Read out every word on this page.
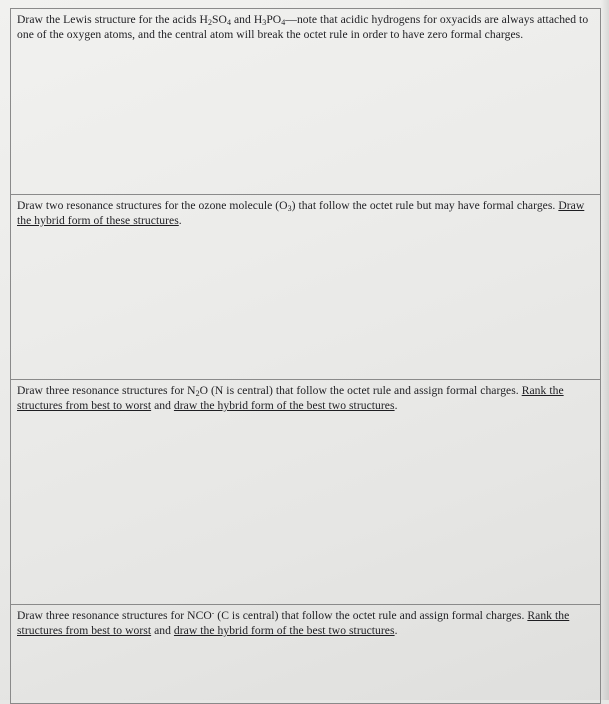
Draw the Lewis structure for the acids $H_2SO_4$ and $H_3PO_4—note$ that acidic hydrogens for oxyacids are always attached to one of the oxygen atoms, and the central atom will break the octet rule in order to have zero formal charges.

Draw two resonance structures for the ozone molecule $(O_3)$ that follow the octet rule but may have formal charges. Draw the hybrid form of these structures.

Draw three resonance structures for $N_2O$ (N is central) that follow the octet rule and assign formal charges. Rank the structures from best to worst and draw the hybrid form of the best two structures.

Draw three resonance structures for NCO- (C is central) that follow the octet rule and assign formal charges. Rank the structures from best to worst and draw the hybrid form of the best two structures.
